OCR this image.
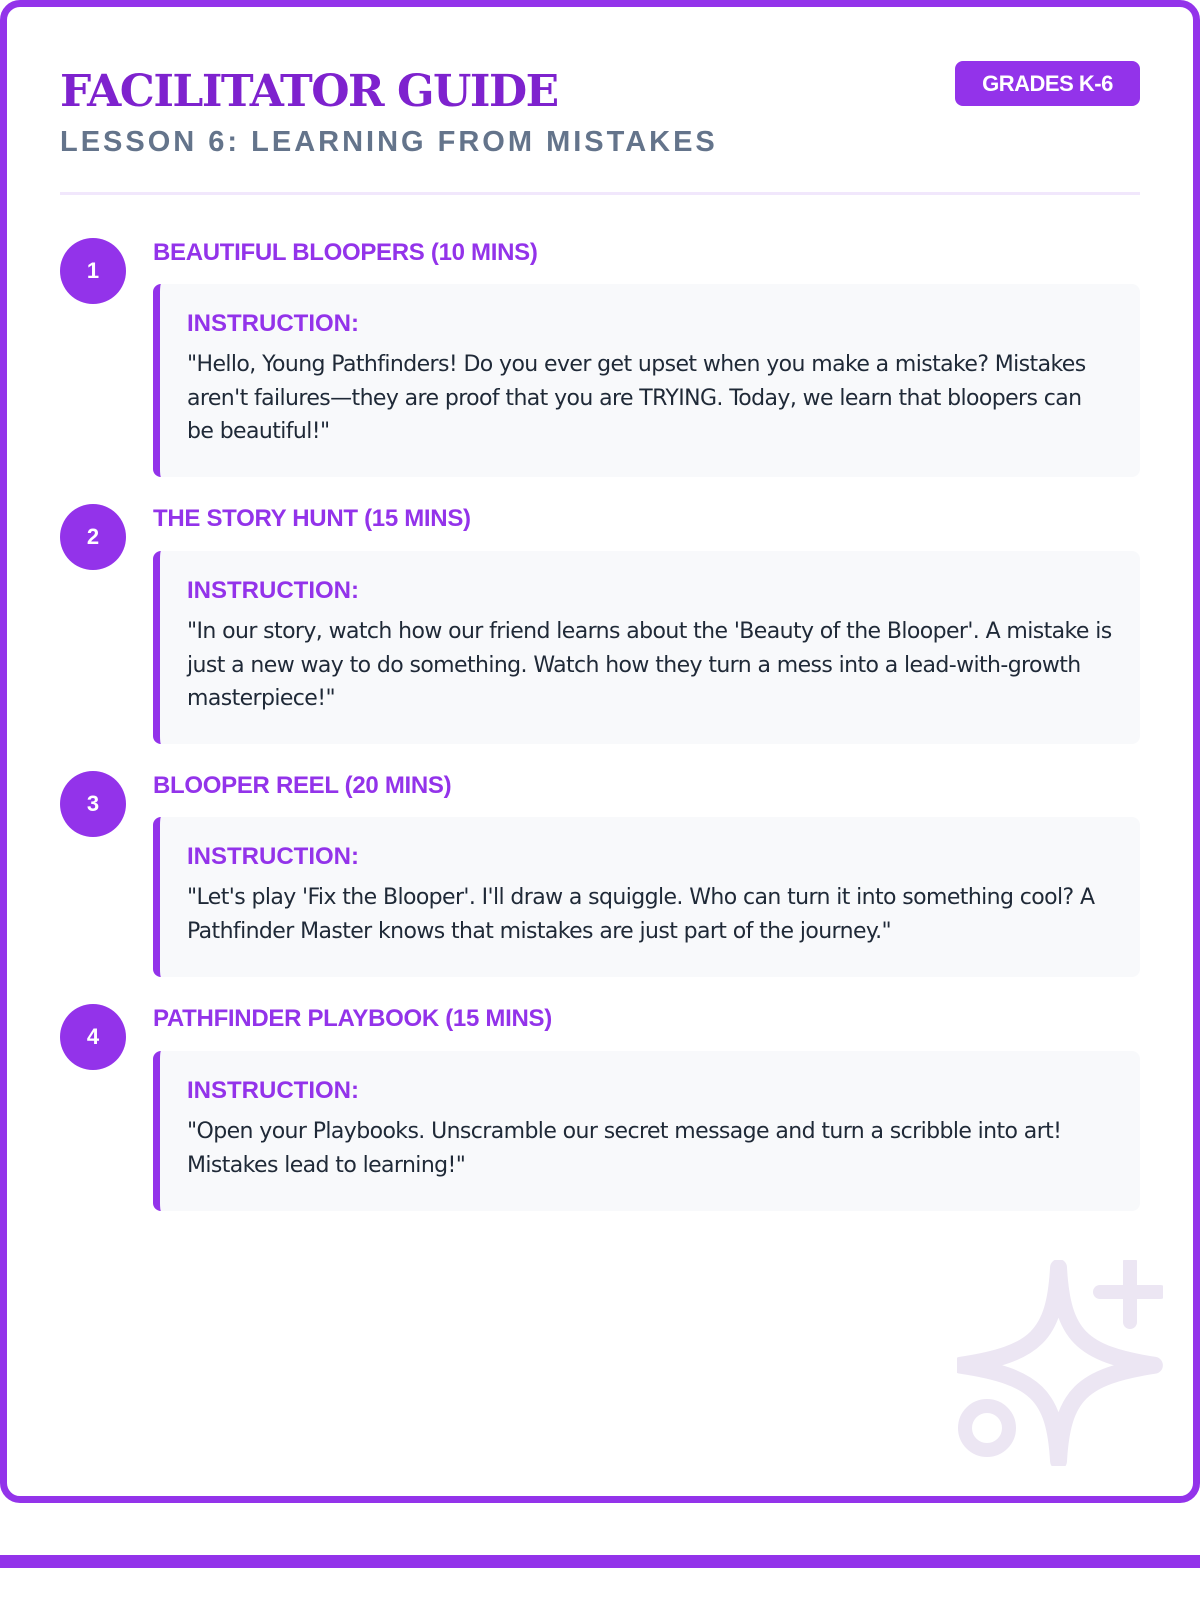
FACILITATOR GUIDE
LESSON 6: LEARNING FROM MISTAKES
GRADES K-6
1
BEAUTIFUL BLOOPERS (10 MINS)
INSTRUCTION:
"Hello, Young Pathfinders! Do you ever get upset when you make a mistake? Mistakes aren't failures—they are proof that you are TRYING. Today, we learn that bloopers can be beautiful!"
2
THE STORY HUNT (15 MINS)
INSTRUCTION:
"In our story, watch how our friend learns about the 'Beauty of the Blooper'. A mistake is just a new way to do something. Watch how they turn a mess into a lead-with-growth masterpiece!"
3
BLOOPER REEL (20 MINS)
INSTRUCTION:
"Let's play 'Fix the Blooper'. I'll draw a squiggle. Who can turn it into something cool? A Pathfinder Master knows that mistakes are just part of the journey."
4
PATHFINDER PLAYBOOK (15 MINS)
INSTRUCTION:
"Open your Playbooks. Unscramble our secret message and turn a scribble into art! Mistakes lead to learning!"
